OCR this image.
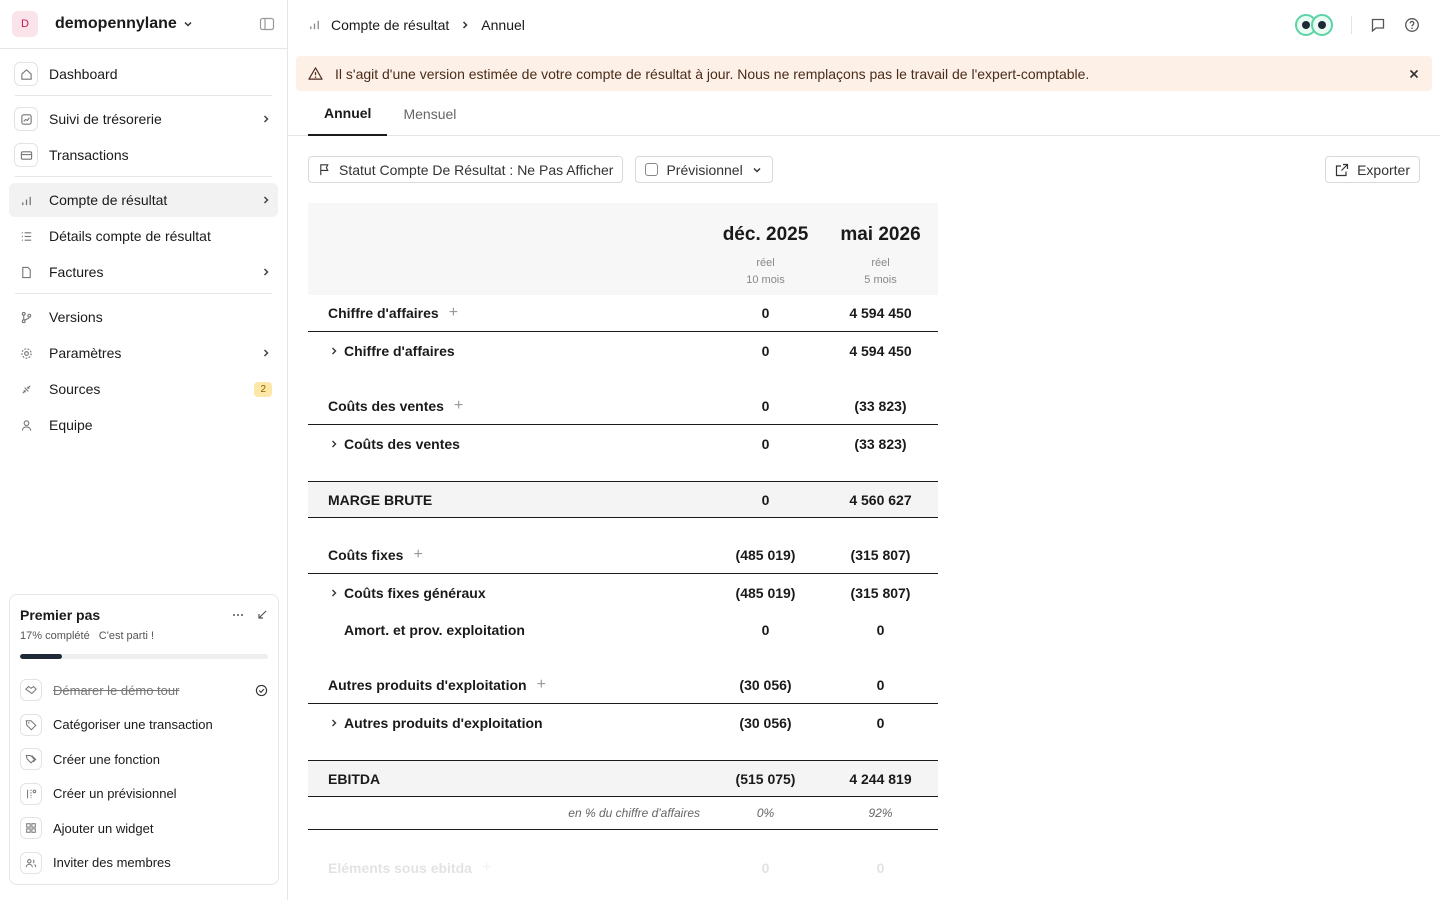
D	demopennylane
Dashboard
Suivi de trésorerie
Transactions
Compte de résultat
Détails compte de résultat
Factures
Versions
Paramètres
Sources	2
Equipe
Premier pas
17% complété C'est parti !
Démarer le démo tour
Catégoriser une transaction
Créer une fonction
Créer un prévisionnel
Ajouter un widget
Inviter des membres
Compte de résultat Annuel
Il s'agit d'une version estimée de votre compte de résultat à jour. Nous ne remplaçons pas le travail de l'expert-comptable.
Annuel	Mensuel
Statut Compte De Résultat : Ne Pas Afficher	Prévisionnel	Exporter
déc. 2025	mai 2026
réel	réel
10 mois	5 mois
Chiffre d'affaires +	0	4 594 450
Chiffre d'affaires	0	4 594 450
Coûts des ventes +	0	(33 823)
Coûts des ventes	0	(33 823)
MARGE BRUTE	0	4 560 627
Coûts fixes +	(485 019)	(315 807)
Coûts fixes généraux	(485 019)	(315 807)
Amort. et prov. exploitation	0	0
Autres produits d'exploitation +	(30 056)	0
Autres produits d'exploitation	(30 056)	0
EBITDA	(515 075)	4 244 819
en % du chiffre d'affaires	0%	92%
Eléments sous ebitda +	0	0
